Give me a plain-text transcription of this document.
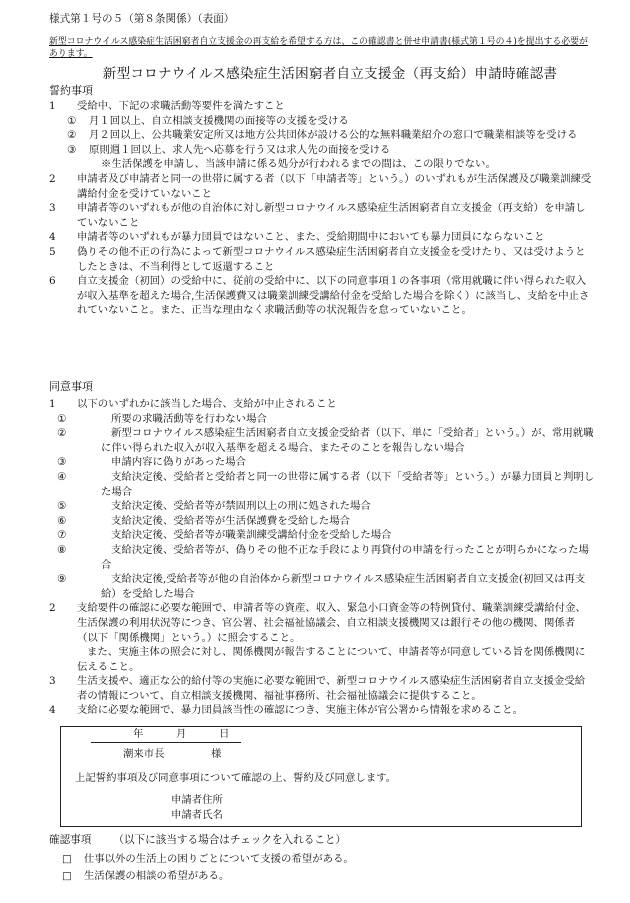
様式第１号の５（第８条関係）（表面）
新型コロナウイルス感染症生活困窮者自立支援金の再支給を希望する方は、この確認書と併せ申請書(様式第１号の４)を提出する必要があります。
新型コロナウイルス感染症生活困窮者自立支援金（再支給）申請時確認書
誓約事項
1	受給中、下記の求職活動等要件を満たすこと
① 月１回以上、自立相談支援機関の面接等の支援を受ける
② 月２回以上、公共職業安定所又は地方公共団体が設ける公的な無料職業紹介の窓口で職業相談等を受ける
③ 原則週１回以上、求人先へ応募を行う又は求人先の面接を受ける
※生活保護を申請し、当該申請に係る処分が行われるまでの間は、この限りでない。
2	申請者及び申請者と同一の世帯に属する者（以下「申請者等」という。）のいずれもが生活保護及び職業訓練受講給付金を受けていないこと
3	申請者等のいずれもが他の自治体に対し新型コロナウイルス感染症生活困窮者自立支援金（再支給）を申請していないこと
4	申請者等のいずれもが暴力団員ではないこと、また、受給期間中においても暴力団員にならないこと
5	偽りその他不正の行為によって新型コロナウイルス感染症生活困窮者自立支援金を受けたり、又は受けようとしたときは、不当利得として返還すること
6	自立支援金（初回）の受給中に、従前の受給中に、以下の同意事項１の各事項（常用就職に伴い得られた収入が収入基準を超えた場合,生活保護費又は職業訓練受講給付金を受給した場合を除く）に該当し、支給を中止されていないこと。また、正当な理由なく求職活動等の状況報告を怠っていないこと。
同意事項
1	以下のいずれかに該当した場合、支給が中止されること
①	所要の求職活動等を行わない場合
②	新型コロナウイルス感染症生活困窮者自立支援金受給者（以下、単に「受給者」という。）が、常用就職に伴い得られた収入が収入基準を超える場合、またそのことを報告しない場合
③	申請内容に偽りがあった場合
④	支給決定後、受給者と受給者と同一の世帯に属する者（以下「受給者等」という。）が暴力団員と判明した場合
⑤	支給決定後、受給者等が禁固刑以上の刑に処された場合
⑥	支給決定後、受給者等が生活保護費を受給した場合
⑦	支給決定後、受給者等が職業訓練受講給付金を受給した場合
⑧	支給決定後、受給者等が、偽りその他不正な手段により再貸付の申請を行ったことが明らかになった場合
⑨	支給決定後,受給者等が他の自治体から新型コロナウイルス感染症生活困窮者自立支援金(初回又は再支給）を受給した場合
2	支給要件の確認に必要な範囲で、申請者等の資産、収入、緊急小口資金等の特例貸付、職業訓練受講給付金、生活保護の利用状況等につき、官公署、社会福祉協議会、自立相談支援機関又は銀行その他の機関、関係者（以下「関係機関」という。）に照会すること。
また、実施主体の照会に対し、関係機関が報告することについて、申請者等が同意している旨を関係機関に伝えること。
3	生活支援や、適正な公的給付等の実施に必要な範囲で、新型コロナウイルス感染症生活困窮者自立支援金受給者の情報について、自立相談支援機関、福祉事務所、社会福祉協議会に提供すること。
4	支給に必要な範囲で、暴力団員該当性の確認につき、実施主体が官公署から情報を求めること。
年	月	日
潮来市長	様
上記誓約事項及び同意事項について確認の上、誓約及び同意します。
申請者住所
申請者氏名
確認事項 （以下に該当する場合はチェックを入れること）
□ 仕事以外の生活上の困りごとについて支援の希望がある。
□ 生活保護の相談の希望がある。
